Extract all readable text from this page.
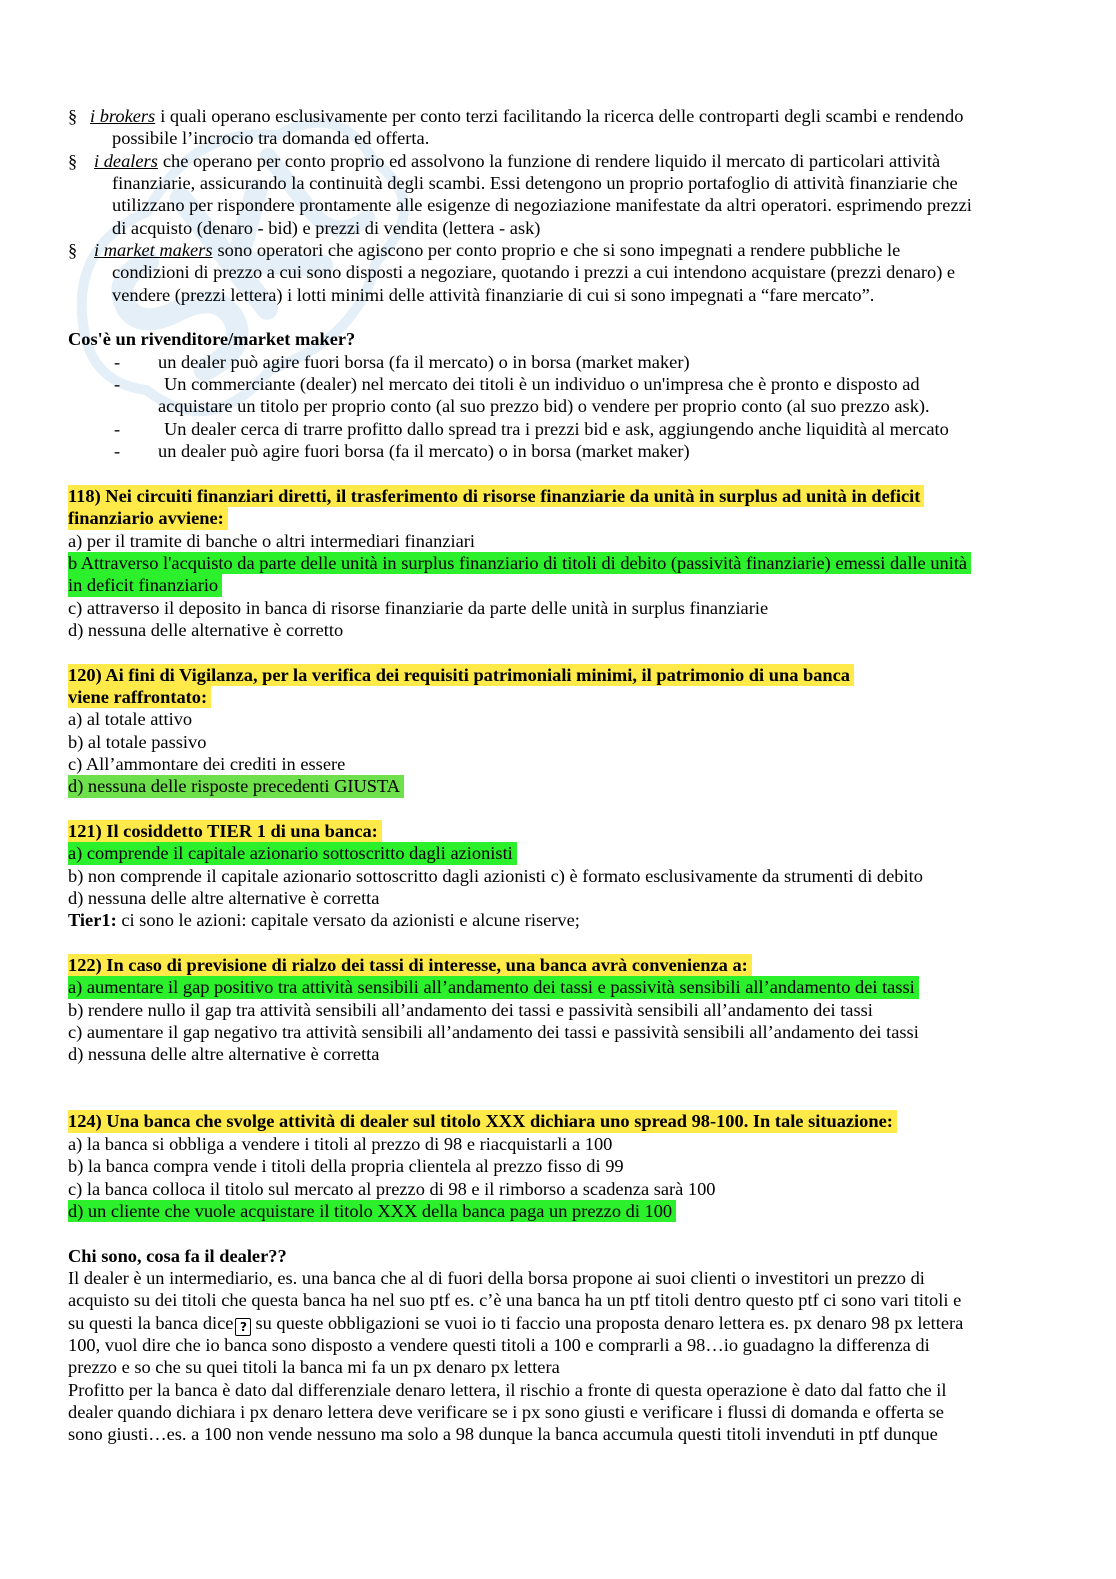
§ i brokers i quali operano esclusivamente per conto terzi facilitando la ricerca delle controparti degli scambi e rendendo
possibile l’incrocio tra domanda ed offerta.
§ i dealers che operano per conto proprio ed assolvono la funzione di rendere liquido il mercato di particolari attività
finanziarie, assicurando la continuità degli scambi. Essi detengono un proprio portafoglio di attività finanziarie che
utilizzano per rispondere prontamente alle esigenze di negoziazione manifestate da altri operatori. esprimendo prezzi
di acquisto (denaro - bid) e prezzi di vendita (lettera - ask)
§ i market makers sono operatori che agiscono per conto proprio e che si sono impegnati a rendere pubbliche le
condizioni di prezzo a cui sono disposti a negoziare, quotando i prezzi a cui intendono acquistare (prezzi denaro) e
vendere (prezzi lettera) i lotti minimi delle attività finanziarie di cui si sono impegnati a “fare mercato”.
Cos'è un rivenditore/market maker?
- un dealer può agire fuori borsa (fa il mercato) o in borsa (market maker)
- Un commerciante (dealer) nel mercato dei titoli è un individuo o un'impresa che è pronto e disposto ad
acquistare un titolo per proprio conto (al suo prezzo bid) o vendere per proprio conto (al suo prezzo ask).
- Un dealer cerca di trarre profitto dallo spread tra i prezzi bid e ask, aggiungendo anche liquidità al mercato
- un dealer può agire fuori borsa (fa il mercato) o in borsa (market maker)
118) Nei circuiti finanziari diretti, il trasferimento di risorse finanziarie da unità in surplus ad unità in deficit
finanziario avviene:
a) per il tramite di banche o altri intermediari finanziari
b Attraverso l'acquisto da parte delle unità in surplus finanziario di titoli di debito (passività finanziarie) emessi dalle unità
in deficit finanziario
c) attraverso il deposito in banca di risorse finanziarie da parte delle unità in surplus finanziarie
d) nessuna delle alternative è corretto
120) Ai fini di Vigilanza, per la verifica dei requisiti patrimoniali minimi, il patrimonio di una banca
viene raffrontato:
a) al totale attivo
b) al totale passivo
c) All’ammontare dei crediti in essere
d) nessuna delle risposte precedenti GIUSTA
121) Il cosiddetto TIER 1 di una banca:
a) comprende il capitale azionario sottoscritto dagli azionisti
b) non comprende il capitale azionario sottoscritto dagli azionisti c) è formato esclusivamente da strumenti di debito
d) nessuna delle altre alternative è corretta
Tier1: ci sono le azioni: capitale versato da azionisti e alcune riserve;
122) In caso di previsione di rialzo dei tassi di interesse, una banca avrà convenienza a:
a) aumentare il gap positivo tra attività sensibili all’andamento dei tassi e passività sensibili all’andamento dei tassi
b) rendere nullo il gap tra attività sensibili all’andamento dei tassi e passività sensibili all’andamento dei tassi
c) aumentare il gap negativo tra attività sensibili all’andamento dei tassi e passività sensibili all’andamento dei tassi
d) nessuna delle altre alternative è corretta
124) Una banca che svolge attività di dealer sul titolo XXX dichiara uno spread 98-100. In tale situazione:
a) la banca si obbliga a vendere i titoli al prezzo di 98 e riacquistarli a 100
b) la banca compra vende i titoli della propria clientela al prezzo fisso di 99
c) la banca colloca il titolo sul mercato al prezzo di 98 e il rimborso a scadenza sarà 100
d) un cliente che vuole acquistare il titolo XXX della banca paga un prezzo di 100
Chi sono, cosa fa il dealer??
Il dealer è un intermediario, es. una banca che al di fuori della borsa propone ai suoi clienti o investitori un prezzo di
acquisto su dei titoli che questa banca ha nel suo ptf es. c’è una banca ha un ptf titoli dentro questo ptf ci sono vari titoli e
su questi la banca dice? su queste obbligazioni se vuoi io ti faccio una proposta denaro lettera es. px denaro 98 px lettera
100, vuol dire che io banca sono disposto a vendere questi titoli a 100 e comprarli a 98…io guadagno la differenza di
prezzo e so che su quei titoli la banca mi fa un px denaro px lettera
Profitto per la banca è dato dal differenziale denaro lettera, il rischio a fronte di questa operazione è dato dal fatto che il
dealer quando dichiara i px denaro lettera deve verificare se i px sono giusti e verificare i flussi di domanda e offerta se
sono giusti…es. a 100 non vende nessuno ma solo a 98 dunque la banca accumula questi titoli invenduti in ptf dunque
